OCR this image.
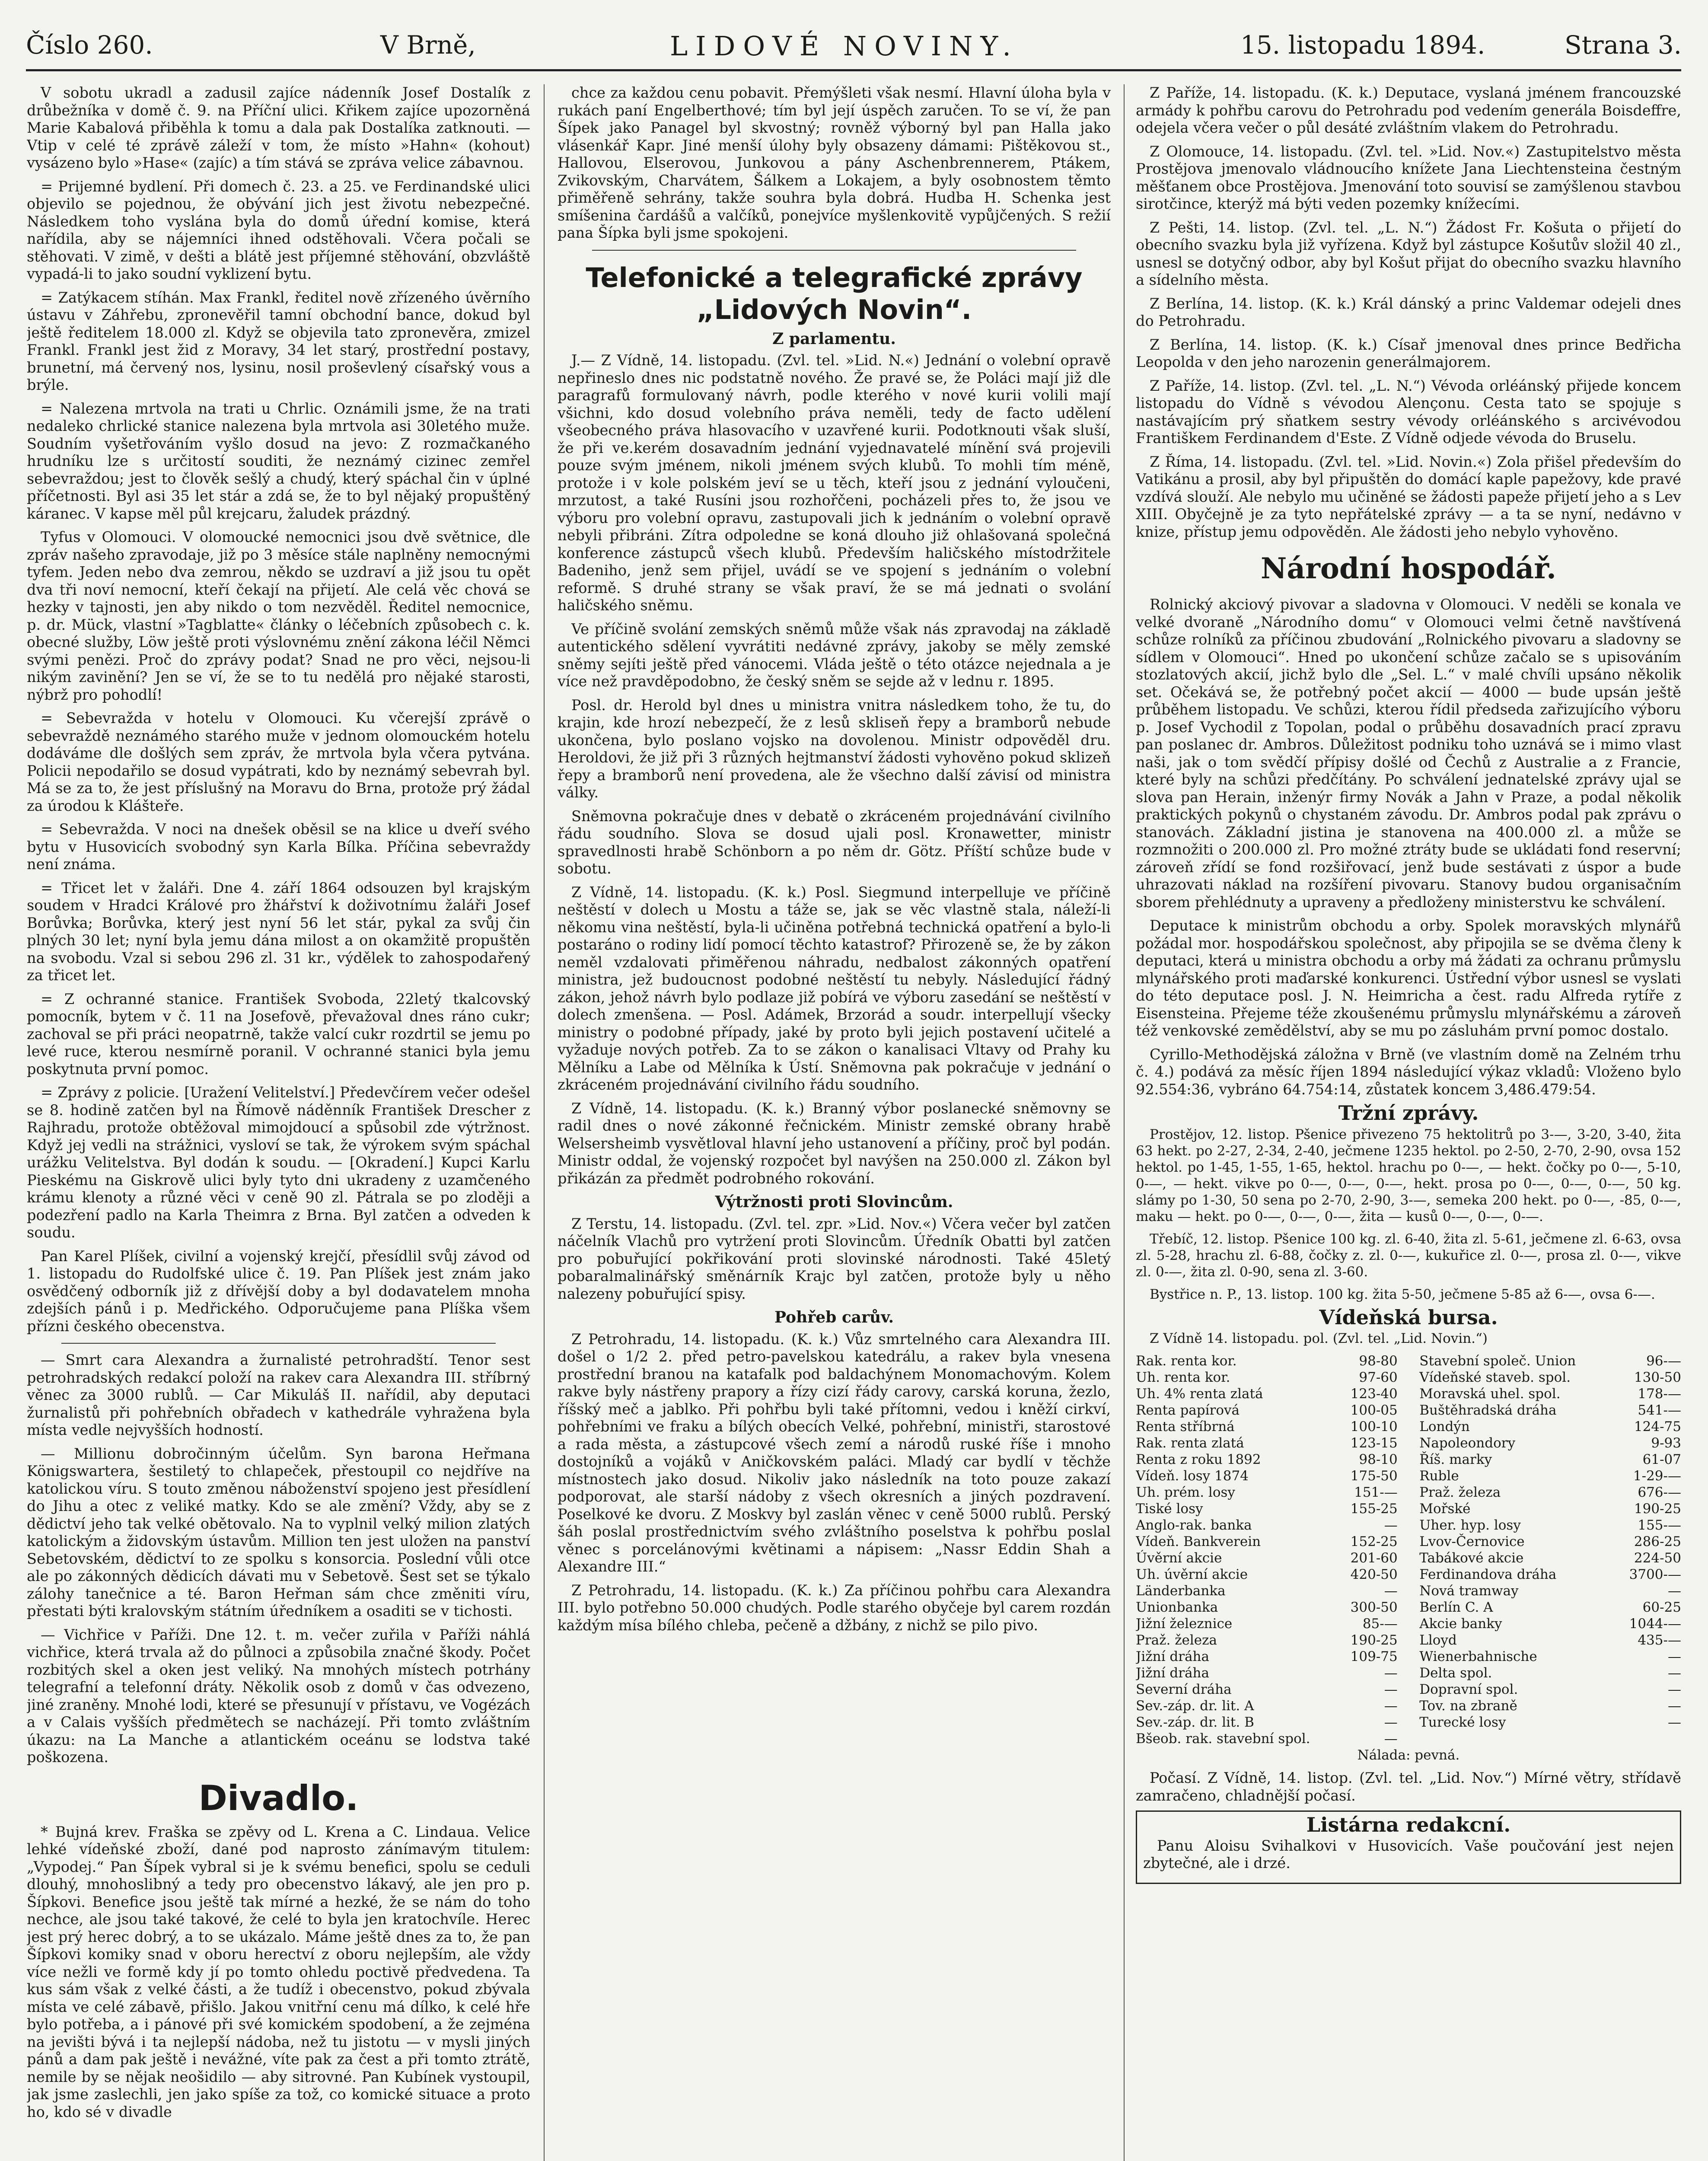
Číslo 260.	V Brně,	LIDOVÉ NOVINY.	15. listopadu 1894.	Strana 3.

V sobotu ukradl a zadusil zajíce nádenník Josef Dostalík z drůbežníka v domě č. 9. na Příční ulici. Křikem zajíce upozorněná Marie Kabalová přiběhla k tomu a dala pak Dostalíka zatknouti. — Vtip v celé té zprávě záleží v tom, že místo »Hahn« (kohout) vysázeno bylo »Hase« (zajíc) a tím stává se zpráva velice zábavnou.

= Prijemné bydlení. Při domech č. 23. a 25. ve Ferdinandské ulici objevilo se pojednou, že obývání jich jest životu nebezpečné. Následkem toho vyslána byla do domů úřední komise, která nařídila, aby se nájemníci ihned odstěhovali. Včera počali se stěhovati. V zimě, v dešti a blátě jest příjemné stěhování, obzvláště vypadá-li to jako soudní vyklizení bytu.

= Zatýkacem stíhán. Max Frankl, ředitel nově zřízeného úvěrního ústavu v Záhřebu, zpronevěřil tamní obchodní bance, dokud byl ještě ředitelem 18.000 zl. Když se objevila tato zpronevěra, zmizel Frankl. Frankl jest žid z Moravy, 34 let starý, prostřední postavy, brunetní, má červený nos, lysinu, nosil proševlený císařský vous a brýle.

= Nalezena mrtvola na trati u Chrlic. Oznámili jsme, že na trati nedaleko chrlické stanice nalezena byla mrtvola asi 30letého muže. Soudním vyšetřováním vyšlo dosud na jevo: Z rozmačkaného hrudníku lze s určitostí souditi, že neznámý cizinec zemřel sebevraždou; jest to člověk sešlý a chudý, který spáchal čin v úplné příčetnosti. Byl asi 35 let stár a zdá se, že to byl nějaký propuštěný káranec. V kapse měl půl krejcaru, žaludek prázdný.

Tyfus v Olomouci. V olomoucké nemocnici jsou dvě světnice, dle zpráv našeho zpravodaje, již po 3 měsíce stále naplněny nemocnými tyfem. Jeden nebo dva zemrou, někdo se uzdraví a již jsou tu opět dva tři noví nemocní, kteří čekají na přijetí. Ale celá věc chová se hezky v tajnosti, jen aby nikdo o tom nezvěděl. Ředitel nemocnice, p. dr. Mück, vlastní »Tagblatte« články o léčebních způsobech c. k. obecné služby, Löw ještě proti výslovnému znění zákona léčil Němci svými penězi. Proč do zprávy podat? Snad ne pro věci, nejsou-li nikým zavinění? Jen se ví, že se to tu nedělá pro nějaké starosti, nýbrž pro pohodlí!

= Sebevražda v hotelu v Olomouci. Ku včerejší zprávě o sebevraždě neznámého starého muže v jednom olomouckém hotelu dodáváme dle došlých sem zpráv, že mrtvola byla včera pytvána. Policii nepodařilo se dosud vypátrati, kdo by neznámý sebevrah byl. Má se za to, že jest příslušný na Moravu do Brna, protože prý žádal za úrodou k Klášteře.

= Sebevražda. V noci na dnešek oběsil se na klice u dveří svého bytu v Husovicích svobodný syn Karla Bílka. Příčina sebevraždy není známa.

= Třicet let v žaláři. Dne 4. září 1864 odsouzen byl krajským soudem v Hradci Králové pro žhářství k doživotnímu žaláři Josef Borůvka; Borůvka, který jest nyní 56 let stár, pykal za svůj čin plných 30 let; nyní byla jemu dána milost a on okamžitě propuštěn na svobodu. Vzal si sebou 296 zl. 31 kr., výdělek to zahospodařený za třicet let.

= Z ochranné stanice. František Svoboda, 22letý tkalcovský pomocník, bytem v č. 11 na Josefově, převažoval dnes ráno cukr; zachoval se při práci neopatrně, takže valcí cukr rozdrtil se jemu po levé ruce, kterou nesmírně poranil. V ochranné stanici byla jemu poskytnuta první pomoc.

= Zprávy z policie. [Uražení Velitelství.] Předevčírem večer odešel se 8. hodině zatčen byl na Římově náděnník František Drescher z Rajhradu, protože obtěžoval mimojdoucí a spůsobil zde výtržnost. Když jej vedli na strážnici, vysloví se tak, že výrokem svým spáchal urážku Velitelstva. Byl dodán k soudu. — [Okradení.] Kupci Karlu Pieskému na Giskrově ulici byly tyto dni ukradeny z uzamčeného krámu klenoty a různé věci v ceně 90 zl. Pátrala se po zloději a podezření padlo na Karla Theimra z Brna. Byl zatčen a odveden k soudu.

Pan Karel Plíšek, civilní a vojenský krejčí, přesídlil svůj závod od 1. listopadu do Rudolfské ulice č. 19. Pan Plíšek jest znám jako osvědčený odborník již z dřívější doby a byl dodavatelem mnoha zdejších pánů i p. Medřického. Odporučujeme pana Plíška všem přízni českého obecenstva.

— Smrt cara Alexandra a žurnalisté petrohradští. Tenor sest petrohradských redakcí položí na rakev cara Alexandra III. stříbrný věnec za 3000 rublů. — Car Mikuláš II. nařídil, aby deputaci žurnalistů při pohřebních obřadech v kathedrále vyhražena byla místa vedle nejvyšších hodností.

— Millionu dobročinným účelům. Syn barona Heřmana Königswartera, šestiletý to chlapeček, přestoupil co nejdříve na katolickou víru. S touto změnou náboženství spojeno jest přesídlení do Jihu a otec z veliké matky. Kdo se ale změní? Vždy, aby se z dědictví jeho tak velké obětovalo. Na to vyplnil velký milion zlatých katolickým a židovským ústavům. Million ten jest uložen na panství Sebetovském, dědictví to ze spolku s konsorcia. Poslední vůli otce ale po zákonných dědicích dávati mu v Sebetově. Šest set se týkalo zálohy tanečnice a té. Baron Heřman sám chce změniti víru, přestati býti kralovským státním úředníkem a osaditi se v tichosti.

— Vichřice v Paříži. Dne 12. t. m. večer zuřila v Paříži náhlá vichřice, která trvala až do půlnoci a způsobila značné škody. Počet rozbitých skel a oken jest veliký. Na mnohých místech potrhány telegrafní a telefonní dráty. Několik osob z domů v čas odvezeno, jiné zraněny. Mnohé lodi, které se přesunují v přístavu, ve Vogézách a v Calais vyšších předmětech se nacházejí. Při tomto zvláštním úkazu: na La Manche a atlantickém oceánu se lodstva také poškozena.

Divadlo.

* Bujná krev. Fraška se zpěvy od L. Krena a C. Lindaua. Velice lehké vídeňské zboží, dané pod naprosto zánímavým titulem: „Vypodej.“ Pan Šípek vybral si je k svému benefici, spolu se ceduli dlouhý, mnohoslibný a tedy pro obecenstvo lákavý, ale jen pro p. Šípkovi. Benefice jsou ještě tak mírné a hezké, že se nám do toho nechce, ale jsou také takové, že celé to byla jen kratochvíle. Herec jest prý herec dobrý, a to se ukázalo. Máme ještě dnes za to, že pan Šípkovi komiky snad v oboru herectví z oboru nejlepším, ale vždy více nežli ve formě kdy jí po tomto ohledu poctivě předvedena. Ta kus sám však z velké části, a že tudíž i obecenstvo, pokud zbývala místa ve celé zábavě, přišlo. Jakou vnitřní cenu má dílko, k celé hře bylo potřeba, a i pánové při své komickém spodobení, a že zejména na jevišti bývá i ta nejlepší nádoba, než tu jistotu — v mysli jiných pánů a dam pak ještě i nevážné, víte pak za čest a při tomto ztrátě, nemile by se nějak neošidilo — aby sitrovné. Pan Kubínek vystoupil, jak jsme zaslechli, jen jako spíše za tož, co komické situace a proto ho, kdo sé v divadle

chce za každou cenu pobavit. Přemýšleti však nesmí. Hlavní úloha byla v rukách paní Engelberthové; tím byl její úspěch zaručen. To se ví, že pan Šípek jako Panagel byl skvostný; rovněž výborný byl pan Halla jako vlásenkář Kapr. Jiné menší úlohy byly obsazeny dámami: Pištěkovou st., Hallovou, Elserovou, Junkovou a pány Aschenbrennerem, Ptákem, Zvikovským, Charvátem, Šálkem a Lokajem, a byly osobnostem těmto přiměřeně sehrány, takže souhra byla dobrá. Hudba H. Schenka jest smíšenina čardášů a valčíků, ponejvíce myšlenkovitě vypůjčených. S režií pana Šípka byli jsme spokojeni.

Telefonické a telegrafické zprávy „Lidových Novin“.
Z parlamentu.

J.— Z Vídně, 14. listopadu. (Zvl. tel. »Lid. N.«) Jednání o volební opravě nepřineslo dnes nic podstatně nového. Že pravé se, že Poláci mají již dle paragrafů formulovaný návrh, podle kterého v nové kurii volili mají všichni, kdo dosud volebního práva neměli, tedy de facto udělení všeobecného práva hlasovacího v uzavřené kurii. Podotknouti však sluší, že při ve.kerém dosavadním jednání vyjednavatelé mínění svá projevili pouze svým jménem, nikoli jménem svých klubů. To mohli tím méně, protože i v kole polském jeví se u těch, kteří jsou z jednání vyloučeni, mrzutost, a také Rusíni jsou rozhořčeni, pocházeli přes to, že jsou ve výboru pro volební opravu, zastupovali jich k jednáním o volební opravě nebyli přibráni. Zítra odpoledne se koná dlouho již ohlašovaná společná konference zástupců všech klubů. Především haličského místodržitele Badeniho, jenž sem přijel, uvádí se ve spojení s jednáním o volební reformě. S druhé strany se však praví, že se má jednati o svolání haličského sněmu.

Ve příčině svolání zemských sněmů může však nás zpravodaj na základě autentického sdělení vyvrátiti nedávné zprávy, jakoby se měly zemské sněmy sejíti ještě před vánocemi. Vláda ještě o této otázce nejednala a je více než pravděpodobno, že český sněm se sejde až v lednu r. 1895.

Posl. dr. Herold byl dnes u ministra vnitra následkem toho, že tu, do krajin, kde hrozí nebezpečí, že z lesů skliseň řepy a bramborů nebude ukončena, bylo poslano vojsko na dovolenou. Ministr odpověděl dru. Heroldovi, že již při 3 různých hejtmanství žádosti vyhověno pokud sklizeň řepy a bramborů není provedena, ale že všechno další závisí od ministra války.

Sněmovna pokračuje dnes v debatě o zkráceném projednávání civilního řádu soudního. Slova se dosud ujali posl. Kronawetter, ministr spravedlnosti hrabě Schönborn a po něm dr. Götz. Příští schůze bude v sobotu.

Z Vídně, 14. listopadu. (K. k.) Posl. Siegmund interpelluje ve příčině neštěstí v dolech u Mostu a táže se, jak se věc vlastně stala, náleží-li někomu vina neštěstí, byla-li učiněna potřebná technická opatření a bylo-li postaráno o rodiny lidí pomocí těchto katastrof? Přirozeně se, že by zákon neměl vzdalovati přiměřenou náhradu, nedbalost zákonných opatření ministra, jež budoucnost podobné neštěstí tu nebyly. Následující řádný zákon, jehož návrh bylo podlaze již pobírá ve výboru zasedání se neštěstí v dolech zmenšena. — Posl. Adámek, Brzorád a soudr. interpellují všecky ministry o podobné případy, jaké by proto byli jejich postavení učitelé a vyžaduje nových potřeb. Za to se zákon o kanalisaci Vltavy od Prahy ku Mělníku a Labe od Mělníka k Ústí. Sněmovna pak pokračuje v jednání o zkráceném projednávání civilního řádu soudního.

Z Vídně, 14. listopadu. (K. k.) Branný výbor poslanecké sněmovny se radil dnes o nové zákonné řečnickém. Ministr zemské obrany hrabě Welsersheimb vysvětloval hlavní jeho ustanovení a příčiny, proč byl podán. Ministr oddal, že vojenský rozpočet byl navýšen na 250.000 zl. Zákon byl přikázán za předmět podrobného rokování.

Výtržnosti proti Slovincům.

Z Terstu, 14. listopadu. (Zvl. tel. zpr. »Lid. Nov.«) Včera večer byl zatčen náčelník Vlachů pro vytržení proti Slovincům. Úředník Obatti byl zatčen pro pobuřující pokřikování proti slovinské národnosti. Také 45letý pobaralmalinářský směnárník Krajc byl zatčen, protože byly u něho nalezeny pobuřující spisy.

Pohřeb carův.

Z Petrohradu, 14. listopadu. (K. k.) Vůz smrtelného cara Alexandra III. došel o 1/2 2. před petro-pavelskou katedrálu, a rakev byla vnesena prostřední branou na katafalk pod baldachýnem Monomachovým. Kolem rakve byly nástřeny prapory a řízy cizí řády carovy, carská koruna, žezlo, říšský meč a jablko. Při pohřbu byli také přítomni, vedou i kněží cirkví, pohřebními ve fraku a bílých obecích Velké, pohřební, ministři, starostové a rada města, a zástupcové všech zemí a národů ruské říše i mnoho dostojníků a vojáků v Aničkovském paláci. Mladý car bydlí v těchže místnostech jako dosud. Nikoliv jako následník na toto pouze zakazí podporovat, ale starší nádoby z všech okresních a jiných pozdravení. Poselkové ke dvoru. Z Moskvy byl zaslán věnec v ceně 5000 rublů. Perský šáh poslal prostřednictvím svého zvláštního poselstva k pohřbu poslal věnec s porcelánovými květinami a nápisem: „Nassr Eddin Shah a Alexandre III.“

Z Petrohradu, 14. listopadu. (K. k.) Za příčinou pohřbu cara Alexandra III. bylo potřebno 50.000 chudých. Podle starého obyčeje byl carem rozdán každým mísa bílého chleba, pečeně a džbány, z nichž se pilo pivo.

Z Paříže, 14. listopadu. (K. k.) Deputace, vyslaná jménem francouzské armády k pohřbu carovu do Petrohradu pod vedením generála Boisdeffre, odejela včera večer o půl desáté zvláštním vlakem do Petrohradu.

Z Olomouce, 14. listopadu. (Zvl. tel. »Lid. Nov.«) Zastupitelstvo města Prostějova jmenovalo vládnoucího knížete Jana Liechtensteina čestným měšťanem obce Prostějova. Jmenování toto souvisí se zamýšlenou stavbou sirotčince, kterýž má býti veden pozemky knížecími.

Z Pešti, 14. listop. (Zvl. tel. „L. N.“) Žádost Fr. Košuta o přijetí do obecního svazku byla již vyřízena. Když byl zástupce Košutův složil 40 zl., usnesl se dotyčný odbor, aby byl Košut přijat do obecního svazku hlavního a sídelního města.

Z Berlína, 14. listop. (K. k.) Král dánský a princ Valdemar odejeli dnes do Petrohradu.

Z Berlína, 14. listop. (K. k.) Císař jmenoval dnes prince Bedřicha Leopolda v den jeho narozenin generálmajorem.

Z Paříže, 14. listop. (Zvl. tel. „L. N.“) Vévoda orléánský přijede koncem listopadu do Vídně s vévodou Alençonu. Cesta tato se spojuje s nastávajícím prý sňatkem sestry vévody orléánského s arcivévodou Františkem Ferdinandem d'Este. Z Vídně odjede vévoda do Bruselu.

Z Říma, 14. listopadu. (Zvl. tel. »Lid. Novin.«) Zola přišel především do Vatikánu a prosil, aby byl připuštěn do domácí kaple papežovy, kde pravé vzdívá slouží. Ale nebylo mu učiněné se žádosti papeže přijetí jeho a s Lev XIII. Obyčejně je za tyto nepřátelské zprávy — a ta se nyní, nedávno v knize, přístup jemu odpověděn. Ale žádosti jeho nebylo vyhověno.

Národní hospodář.

Rolnický akciový pivovar a sladovna v Olomouci. V neděli se konala ve velké dvoraně „Národního domu“ v Olomouci velmi četně navštívená schůze rolníků za příčinou zbudování „Rolnického pivovaru a sladovny se sídlem v Olomouci“. Hned po ukončení schůze začalo se s upisováním stozlatových akcií, jichž bylo dle „Sel. L.“ v malé chvíli upsáno několik set. Očekává se, že potřebný počet akcií — 4000 — bude upsán ještě průběhem listopadu. Ve schůzi, kterou řídil předseda zařizujícího výboru p. Josef Vychodil z Topolan, podal o průběhu dosavadních prací zpravu pan poslanec dr. Ambros. Důležitost podniku toho uznává se i mimo vlast naši, jak o tom svědčí přípisy došlé od Čechů z Australie a z Francie, které byly na schůzi předčítány. Po schválení jednatelské zprávy ujal se slova pan Herain, inženýr firmy Novák a Jahn v Praze, a podal několik praktických pokynů o chystaném závodu. Dr. Ambros podal pak zprávu o stanovách. Základní jistina je stanovena na 400.000 zl. a může se rozmnožiti o 200.000 zl. Pro možné ztráty bude se ukládati fond reservní; zároveň zřídí se fond rozšiřovací, jenž bude sestávati z úspor a bude uhrazovati náklad na rozšíření pivovaru. Stanovy budou organisačním sborem přehlédnuty a upraveny a předloženy ministerstvu ke schválení.

Deputace k ministrům obchodu a orby. Spolek moravských mlynářů požádal mor. hospodářskou společnost, aby připojila se se dvěma členy k deputaci, která u ministra obchodu a orby má žádati za ochranu průmyslu mlynářského proti maďarské konkurenci. Ústřední výbor usnesl se vyslati do této deputace posl. J. N. Heimricha a čest. radu Alfreda rytíře z Eisensteina. Přejeme téže zkoušenému průmyslu mlynářskému a zároveň též venkovské zemědělství, aby se mu po zásluhám první pomoc dostalo.

Cyrillo-Methodějská záložna v Brně (ve vlastním domě na Zelném trhu č. 4.) podává za měsíc říjen 1894 následující výkaz vkladů: Vloženo bylo 92.554:36, vybráno 64.754:14, zůstatek koncem 3,486.479:54.

Tržní zprávy.

Prostějov, 12. listop. Pšenice přivezeno 75 hektolitrů po 3-—, 3-20, 3-40, žita 63 hekt. po 2-27, 2-34, 2-40, ječmene 1235 hektol. po 2-50, 2-70, 2-90, ovsa 152 hektol. po 1-45, 1-55, 1-65, hektol. hrachu po 0-—, — hekt. čočky po 0-—, 5-10, 0-—, — hekt. vikve po 0-—, 0-—, 0-—, hekt. prosa po 0-—, 0-—, 0-—, 50 kg. slámy po 1-30, 50 sena po 2-70, 2-90, 3-—, semeka 200 hekt. po 0-—, -85, 0-—, maku — hekt. po 0-—, 0-—, 0-—, žita — kusů 0-—, 0-—, 0-—.

Třebíč, 12. listop. Pšenice 100 kg. zl. 6-40, žita zl. 5-61, ječmene zl. 6-63, ovsa zl. 5-28, hrachu zl. 6-88, čočky z. zl. 0-—, kukuřice zl. 0-—, prosa zl. 0-—, vikve zl. 0-—, žita zl. 0-90, sena zl. 3-60.

Bystřice n. P., 13. listop. 100 kg. žita 5-50, ječmene 5-85 až 6-—, ovsa 6-—.

Vídeňská bursa.

Z Vídně 14. listopadu. pol. (Zvl. tel. „Lid. Novin.“)

Rak. renta kor.	98-80 Stavební společ. Union	96-—
Uh. renta kor.	97-60 Vídeňské staveb. spol.	130-50
Uh. 4% renta zlatá	123-40 Moravská uhel. spol.	178-—
Renta papírová	100-05 Buštěhradská dráha	541-—
Renta stříbrná	100-10 Londýn	124-75
Rak. renta zlatá	123-15 Napoleondory	9-93
Renta z roku 1892	98-10 Říš. marky	61-07
Vídeň. losy 1874	175-50 Ruble	1-29-—
Uh. prém. losy	151-— Praž. železa	676-—
Tiské losy	155-25 Mořské	190-25
Anglo-rak. banka	— Uher. hyp. losy	155-—
Vídeň. Bankverein	152-25 Lvov-Černovice	286-25
Úvěrní akcie	201-60 Tabákové akcie	224-50
Uh. úvěrní akcie	420-50 Ferdinandova dráha	3700-—
Länderbanka	— Nová tramway	—
Unionbanka	300-50 Berlín C. A	60-25
Jižní železnice	85-— Akcie banky	1044-—
Praž. železa	190-25 Lloyd	435-—
Jižní dráha	109-75 Wienerbahnische	—
Jižní dráha	— Delta spol.	—
Severní dráha	— Dopravní spol.	—
Sev.-záp. dr. lit. A	— Tov. na zbraně	—
Sev.-záp. dr. lit. B	— Turecké losy	—
Bšeob. rak. stavební spol.	—

Nálada: pevná.

Počasí. Z Vídně, 14. listop. (Zvl. tel. „Lid. Nov.“) Mírné větry, střídavě zamračeno, chladnější počasí.

Listárna redakcní.

Panu Aloisu Svihalkovi v Husovicích. Vaše poučování jest nejen zbytečné, ale i drzé.
